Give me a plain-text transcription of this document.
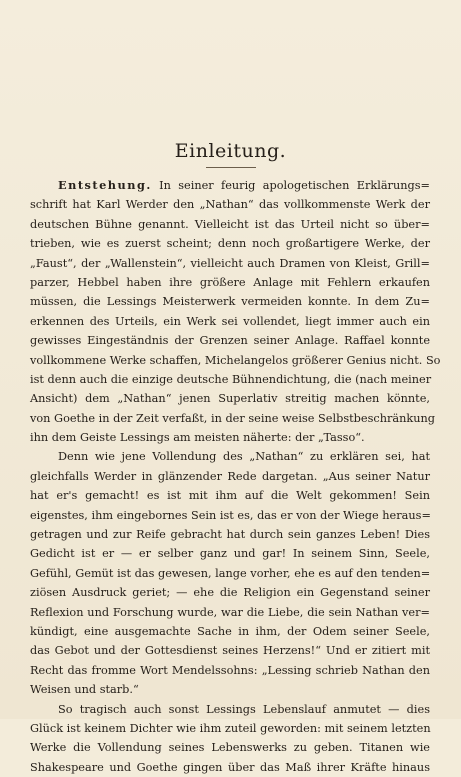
Einleitung.
Entstehung. In seiner feurig apologetischen Erklärungs=
schrift hat Karl Werder den „Nathan“ das vollkommenste Werk der
deutschen Bühne genannt. Vielleicht ist das Urteil nicht so über=
trieben, wie es zuerst scheint; denn noch großartigere Werke, der
„Faust“, der „Wallenstein“, vielleicht auch Dramen von Kleist, Grill=
parzer, Hebbel haben ihre größere Anlage mit Fehlern erkaufen
müssen, die Lessings Meisterwerk vermeiden konnte. In dem Zu=
erkennen des Urteils, ein Werk sei vollendet, liegt immer auch ein
gewisses Eingeständnis der Grenzen seiner Anlage. Raffael konnte
vollkommene Werke schaffen, Michelangelos größerer Genius nicht. So
ist denn auch die einzige deutsche Bühnendichtung, die (nach meiner
Ansicht) dem „Nathan“ jenen Superlativ streitig machen könnte,
von Goethe in der Zeit verfaßt, in der seine weise Selbstbeschränkung
ihn dem Geiste Lessings am meisten näherte: der „Tasso“.
Denn wie jene Vollendung des „Nathan“ zu erklären sei, hat
gleichfalls Werder in glänzender Rede dargetan. „Aus seiner Natur
hat er's gemacht! es ist mit ihm auf die Welt gekommen! Sein
eigenstes, ihm eingebornes Sein ist es, das er von der Wiege heraus=
getragen und zur Reife gebracht hat durch sein ganzes Leben! Dies
Gedicht ist er — er selber ganz und gar! In seinem Sinn, Seele,
Gefühl, Gemüt ist das gewesen, lange vorher, ehe es auf den tenden=
ziösen Ausdruck geriet; — ehe die Religion ein Gegenstand seiner
Reflexion und Forschung wurde, war die Liebe, die sein Nathan ver=
kündigt, eine ausgemachte Sache in ihm, der Odem seiner Seele,
das Gebot und der Gottesdienst seines Herzens!“ Und er zitiert mit
Recht das fromme Wort Mendelssohns: „Lessing schrieb Nathan den
Weisen und starb.“
So tragisch auch sonst Lessings Lebenslauf anmutet — dies
Glück ist keinem Dichter wie ihm zuteil geworden: mit seinem letzten
Werke die Vollendung seines Lebenswerks zu geben. Titanen wie
Shakespeare und Goethe gingen über das Maß ihrer Kräfte hinaus
